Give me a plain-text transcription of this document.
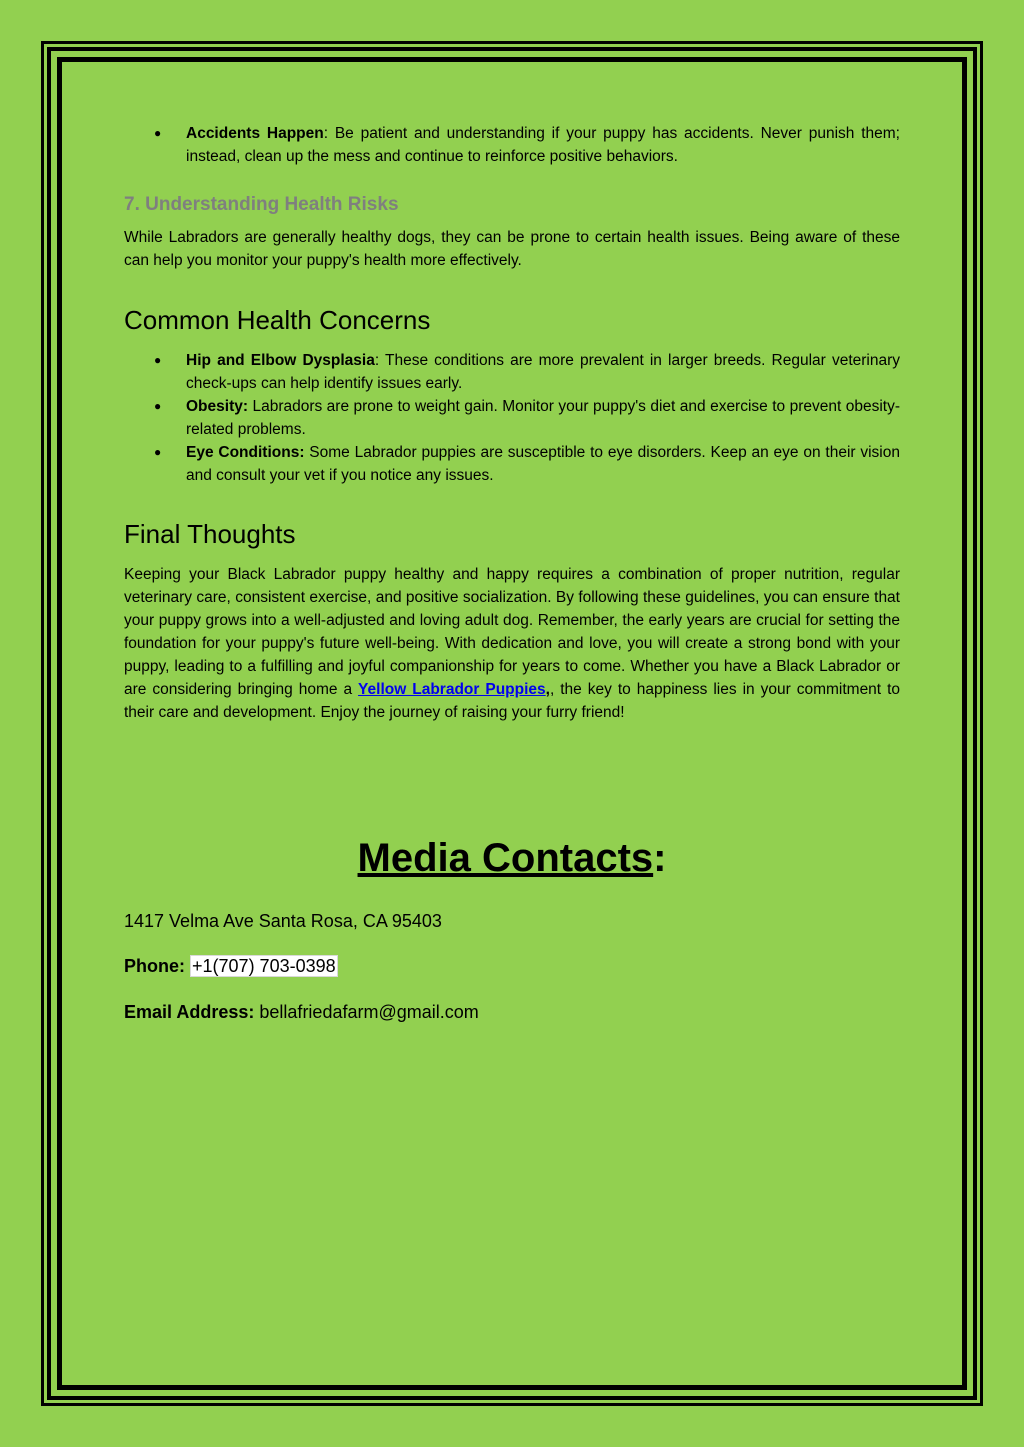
● Accidents Happen: Be patient and understanding if your puppy has accidents. Never punish them; instead, clean up the mess and continue to reinforce positive behaviors.
7. Understanding Health Risks

While Labradors are generally healthy dogs, they can be prone to certain health issues. Being aware of these can help you monitor your puppy's health more effectively.

Common Health Concerns
● Hip and Elbow Dysplasia: These conditions are more prevalent in larger breeds. Regular veterinary check-ups can help identify issues early.
● Obesity: Labradors are prone to weight gain. Monitor your puppy's diet and exercise to prevent obesity-related problems.
● Eye Conditions: Some Labrador puppies are susceptible to eye disorders. Keep an eye on their vision and consult your vet if you notice any issues.
Final Thoughts

Keeping your Black Labrador puppy healthy and happy requires a combination of proper nutrition, regular veterinary care, consistent exercise, and positive socialization. By following these guidelines, you can ensure that your puppy grows into a well-adjusted and loving adult dog. Remember, the early years are crucial for setting the foundation for your puppy's future well-being. With dedication and love, you will create a strong bond with your puppy, leading to a fulfilling and joyful companionship for years to come. Whether you have a Black Labrador or are considering bringing home a Yellow Labrador Puppies,, the key to happiness lies in your commitment to their care and development. Enjoy the journey of raising your furry friend!

Media Contacts:

1417 Velma Ave Santa Rosa, CA 95403

Phone: +1(707) 703-0398

Email Address: bellafriedafarm@gmail.com
